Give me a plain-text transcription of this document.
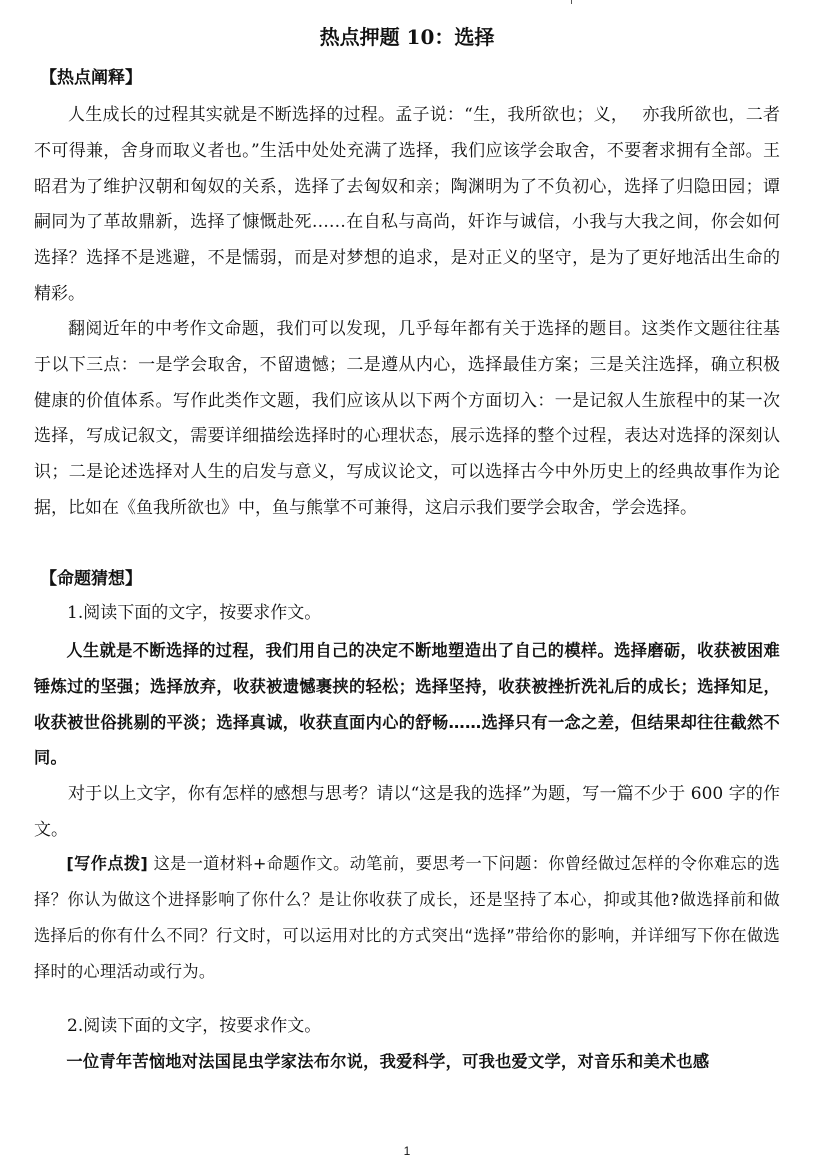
热点押题 10：选择
【热点阐释】

人生成长的过程其实就是不断选择的过程。孟子说：“生，我所欲也；义，　 亦我所欲也，二者不可得兼，舍身而取义者也。”生活中处处充满了选择，我们应该学会取舍，不要奢求拥有全部。王昭君为了维护汉朝和匈奴的关系，选择了去匈奴和亲；陶渊明为了不负初心，选择了归隐田园；谭嗣同为了革故鼎新，选择了慷慨赴死……在自私与高尚，奸诈与诚信，小我与大我之间，你会如何选择？选择不是逃避，不是懦弱，而是对梦想的追求，是对正义的坚守，是为了更好地活出生命的精彩。

翻阅近年的中考作文命题，我们可以发现，几乎每年都有关于选择的题目。这类作文题往往基于以下三点：一是学会取舍，不留遗憾；二是遵从内心，选择最佳方案；三是关注选择，确立积极健康的价值体系。写作此类作文题，我们应该从以下两个方面切入：一是记叙人生旅程中的某一次选择，写成记叙文，需要详细描绘选择时的心理状态，展示选择的整个过程，表达对选择的深刻认识；二是论述选择对人生的启发与意义，写成议论文，可以选择古今中外历史上的经典故事作为论据，比如在《鱼我所欲也》中，鱼与熊掌不可兼得，这启示我们要学会取舍，学会选择。

【命题猜想】
1.阅读下面的文字，按要求作文。

人生就是不断选择的过程，我们用自己的决定不断地塑造出了自己的模样。选择磨砺，收获被困难锤炼过的坚强；选择放弃，收获被遗憾裹挟的轻松；选择坚持，收获被挫折洗礼后的成长；选择知足，收获被世俗挑剔的平淡；选择真诚，收获直面内心的舒畅……选择只有一念之差，但结果却往往截然不同。

对于以上文字，你有怎样的感想与思考？请以“这是我的选择”为题，写一篇不少于 600 字的作文。

[写作点拨] 这是一道材料+命题作文。动笔前，要思考一下问题：你曾经做过怎样的令你难忘的选择？你认为做这个进择影响了你什么？是让你收获了成长，还是坚持了本心，抑或其他?做选择前和做选择后的你有什么不同？行文时，可以运用对比的方式突出“选择”带给你的影响，并详细写下你在做选择时的心理活动或行为。

2.阅读下面的文字，按要求作文。

一位青年苦恼地对法国昆虫学家法布尔说，我爱科学，可我也爱文学，对音乐和美术也感

1
